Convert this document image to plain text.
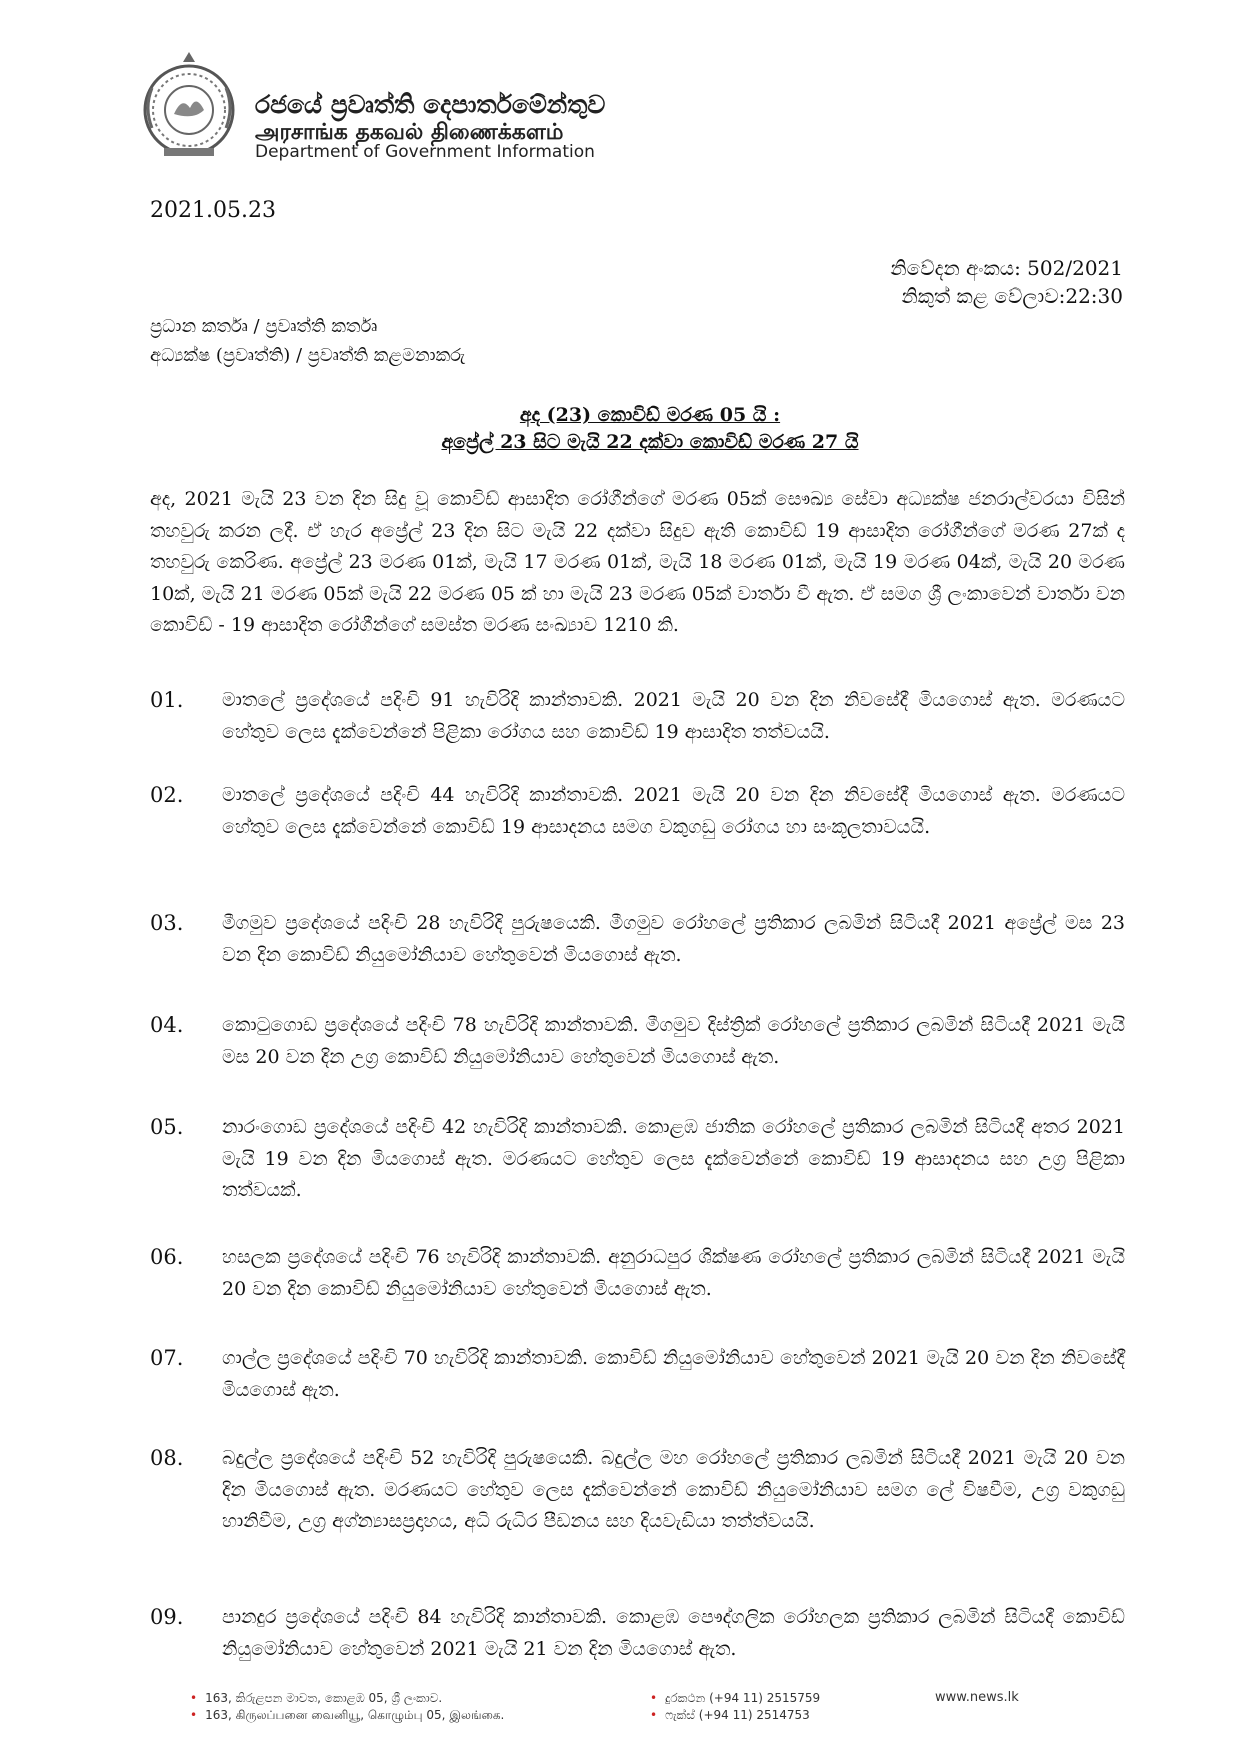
රජයේ ප්‍රවෘත්ති දෙපාර්තමේන්තුව
அரசாங்க தகவல் திணைக்களம்
Department of Government Information
2021.05.23
නිවේදන අංකය: 502/2021
නිකුත් කළ වේලාව:22:30
ප්‍රධාන කර්තෘ / ප්‍රවෘත්ති කර්තෘ
අධ්‍යක්ෂ (ප්‍රවෘත්ති) / ප්‍රවෘත්ති කළමනාකරු
අද (23) කොවිඩ් මරණ 05 යි :
අප්‍රේල් 23 සිට මැයි 22 දක්වා කොවිඩ් මරණ 27 යි
අද, 2021 මැයි 23 වන දින සිදු වූ කොවිඩ් ආසාදිත රෝගීන්ගේ මරණ 05ක් සෞඛ්‍ය සේවා අධ්‍යක්ෂ ජනරාල්වරයා විසින් තහවුරු කරන ලදී. ඒ හැර අප්‍රේල් 23 දින සිට මැයි 22 දක්වා සිදුව ඇති කොවිඩ් 19 ආසාදිත රෝගීන්ගේ මරණ 27ක් ද තහවුරු කෙරිණ. අප්‍රේල් 23 මරණ 01ක්, මැයි 17 මරණ 01ක්, මැයි 18 මරණ 01ක්, මැයි 19 මරණ 04ක්, මැයි 20 මරණ 10ක්, මැයි 21 මරණ 05ක් මැයි 22 මරණ 05 ක් හා මැයි 23 මරණ 05ක් වාර්තා වී ඇත. ඒ සමග ශ්‍රී ලංකාවෙන් වාර්තා වන කොවිඩ් - 19 ආසාදිත රෝගීන්ගේ සමස්ත මරණ සංඛ්‍යාව 1210 කි.
01.	මාතලේ ප්‍රදේශයේ පදිංචි 91 හැවිරිදි කාන්තාවකි. 2021 මැයි 20 වන දින නිවසේදී මියගොස් ඇත. මරණයට හේතුව ලෙස දැක්වෙන්නේ පිළිකා රෝගය සහ කොවිඩ් 19 ආසාදිත තත්වයයි.
02.	මාතලේ ප්‍රදේශයේ පදිංචි 44 හැවිරිදි කාන්තාවකි. 2021 මැයි 20 වන දින නිවසේදී මියගොස් ඇත. මරණයට හේතුව ලෙස දැක්වෙන්නේ කොවිඩ් 19 ආසාදනය සමග වකුගඩු රෝගය හා සංකූලතාවයයි.
03.	මීගමුව ප්‍රදේශයේ පදිංචි 28 හැවිරිදි පුරුෂයෙකි. මීගමුව රෝහලේ ප්‍රතිකාර ලබමින් සිටියදී 2021 අප්‍රේල් මස 23 වන දින කොවිඩ් නියුමෝනියාව හේතුවෙන් මියගොස් ඇත.
04.	කොටුගොඩ ප්‍රදේශයේ පදිංචි 78 හැවිරිදි කාන්තාවකි. මීගමුව දිස්ත්‍රික් රෝහලේ ප්‍රතිකාර ලබමින් සිටියදී 2021 මැයි මස 20 වන දින උග්‍ර කොවිඩ් නියුමෝනියාව හේතුවෙන් මියගොස් ඇත.
05.	නාරංගොඩ ප්‍රදේශයේ පදිංචි 42 හැවිරිදි කාන්තාවකි. කොළඹ ජාතික රෝහලේ ප්‍රතිකාර ලබමින් සිටියදී අතර 2021 මැයි 19 වන දින මියගොස් ඇත. මරණයට හේතුව ලෙස දැක්වෙන්නේ කොවිඩ් 19 ආසාදනය සහ උග්‍ර පිළිකා තත්වයක්.
06.	හසලක ප්‍රදේශයේ පදිංචි 76 හැවිරිදි කාන්තාවකි. අනුරාධපුර ශික්ෂණ රෝහලේ ප්‍රතිකාර ලබමින් සිටියදී 2021 මැයි 20 වන දින කොවිඩ් නියුමෝනියාව හේතුවෙන් මියගොස් ඇත.
07.	ගාල්ල ප්‍රදේශයේ පදිංචි 70 හැවිරිදි කාන්තාවකි. කොවිඩ් නියුමෝනියාව හේතුවෙන් 2021 මැයි 20 වන දින නිවසේදී මියගොස් ඇත.
08.	බදුල්ල ප්‍රදේශයේ පදිංචි 52 හැවිරිදි පුරුෂයෙකි. බදුල්ල මහ රෝහලේ ප්‍රතිකාර ලබමින් සිටියදී 2021 මැයි 20 වන දින මියගොස් ඇත. මරණයට හේතුව ලෙස දැක්වෙන්නේ කොවිඩ් නියුමෝනියාව සමග ලේ විෂවීම, උග්‍ර වකුගඩු හානිවීම, උග්‍ර අග්න්‍යාසප්‍රදාහය, අධි රුධිර පීඩනය සහ දියවැඩියා තත්ත්වයයි.
09.	පානදුර ප්‍රදේශයේ පදිංචි 84 හැවිරිදි කාන්තාවකි. කොළඹ පෞද්ගලික රෝහලක ප්‍රතිකාර ලබමින් සිටියදී කොවිඩ් නියුමෝනියාව හේතුවෙන් 2021 මැයි 21 වන දින මියගොස් ඇත.
• 163, කිරුළපන මාවත, කොළඹ 05, ශ්‍රී ලංකාව.
• 163, கிருலப்பனை வைனியூ, கொழும்பு 05, இலங்கை.
• දුරකථන (+94 11) 2515759
• ෆැක්ස් (+94 11) 2514753
www.news.lk
